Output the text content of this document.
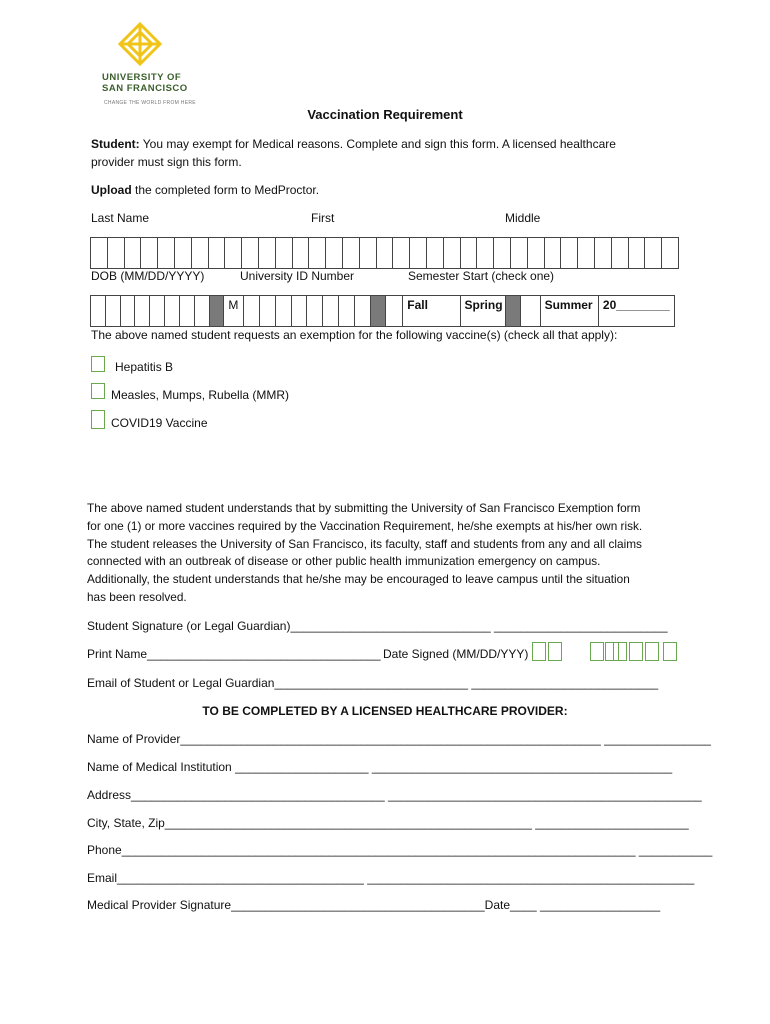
UNIVERSITY OF
SAN FRANCISCO
CHANGE THE WORLD FROM HERE
Vaccination Requirement
Student: You may exempt for Medical reasons. Complete and sign this form. A licensed healthcare
provider must sign this form.
Upload the completed form to MedProctor.
Last Name	First	Middle
DOB (MM/DD/YYYY)	University ID Number	Semester Start (check one)
M	Fall	Spring	Summer 20________
The above named student requests an exemption for the following vaccine(s) (check all that apply):
Hepatitis B
Measles, Mumps, Rubella (MMR)
COVID19 Vaccine
The above named student understands that by submitting the University of San Francisco Exemption form
for one (1) or more vaccines required by the Vaccination Requirement, he/she exempts at his/her own risk.
The student releases the University of San Francisco, its faculty, staff and students from any and all claims
connected with an outbreak of disease or other public health immunization emergency on campus.
Additionally, the student understands that he/she may be encouraged to leave campus until the situation
has been resolved.
Student Signature (or Legal Guardian)______________________________ __________________________
Print Name___________________________________ Date Signed (MM/DD/YYY)
Email of Student or Legal Guardian_____________________________ ____________________________
TO BE COMPLETED BY A LICENSED HEALTHCARE PROVIDER:
Name of Provider_______________________________________________________________ ________________
Name of Medical Institution ____________________ _____________________________________________
Address______________________________________ _______________________________________________
City, State, Zip_______________________________________________________ _______________________
Phone_____________________________________________________________________________ ___________
Email_____________________________________ _________________________________________________
Medical Provider Signature______________________________________Date____ __________________
